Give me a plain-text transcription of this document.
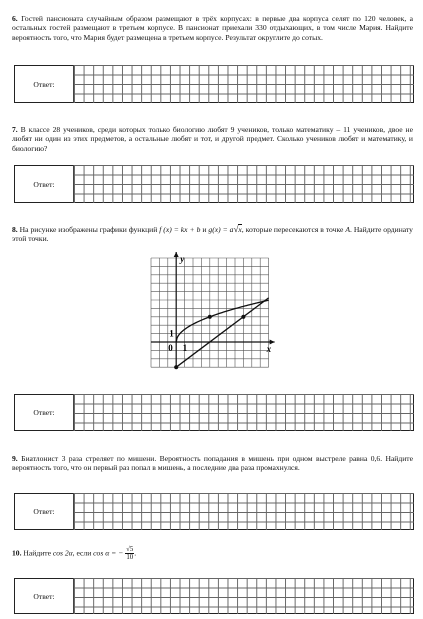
6. Гостей пансионата случайным образом размещают в трёх корпусах: в первые два корпуса селят по 120 человек, а остальных гостей размещают в третьем корпусе. В пансионат приехали 330 отдыхающих, в том числе Мария. Найдите вероятность того, что Мария будет размещена в третьем корпусе. Результат округлите до сотых.
Ответ:
7. В классе 28 учеников, среди которых только биологию любят 9 учеников, только математику – 11 учеников, двое не любят ни один из этих предметов, а остальные любят и тот, и другой предмет. Сколько учеников любят и математику, и биологию?
Ответ:
8. На рисунке изображены графики функций f (x) = kx + b и g(x) = a√x, которые пересекаются в точке A. Найдите ординату этой точки.
y
x
0 1
1
Ответ:
9. Биатлонист 3 раза стреляет по мишени. Вероятность попадания в мишень при одном выстреле равна 0,6. Найдите вероятность того, что он первый раз попал в мишень, а последние два раза промахнулся.
Ответ:
10. Найдите cos 2α, если cos α = − $\frac{√5}{10}$ .
Ответ:
